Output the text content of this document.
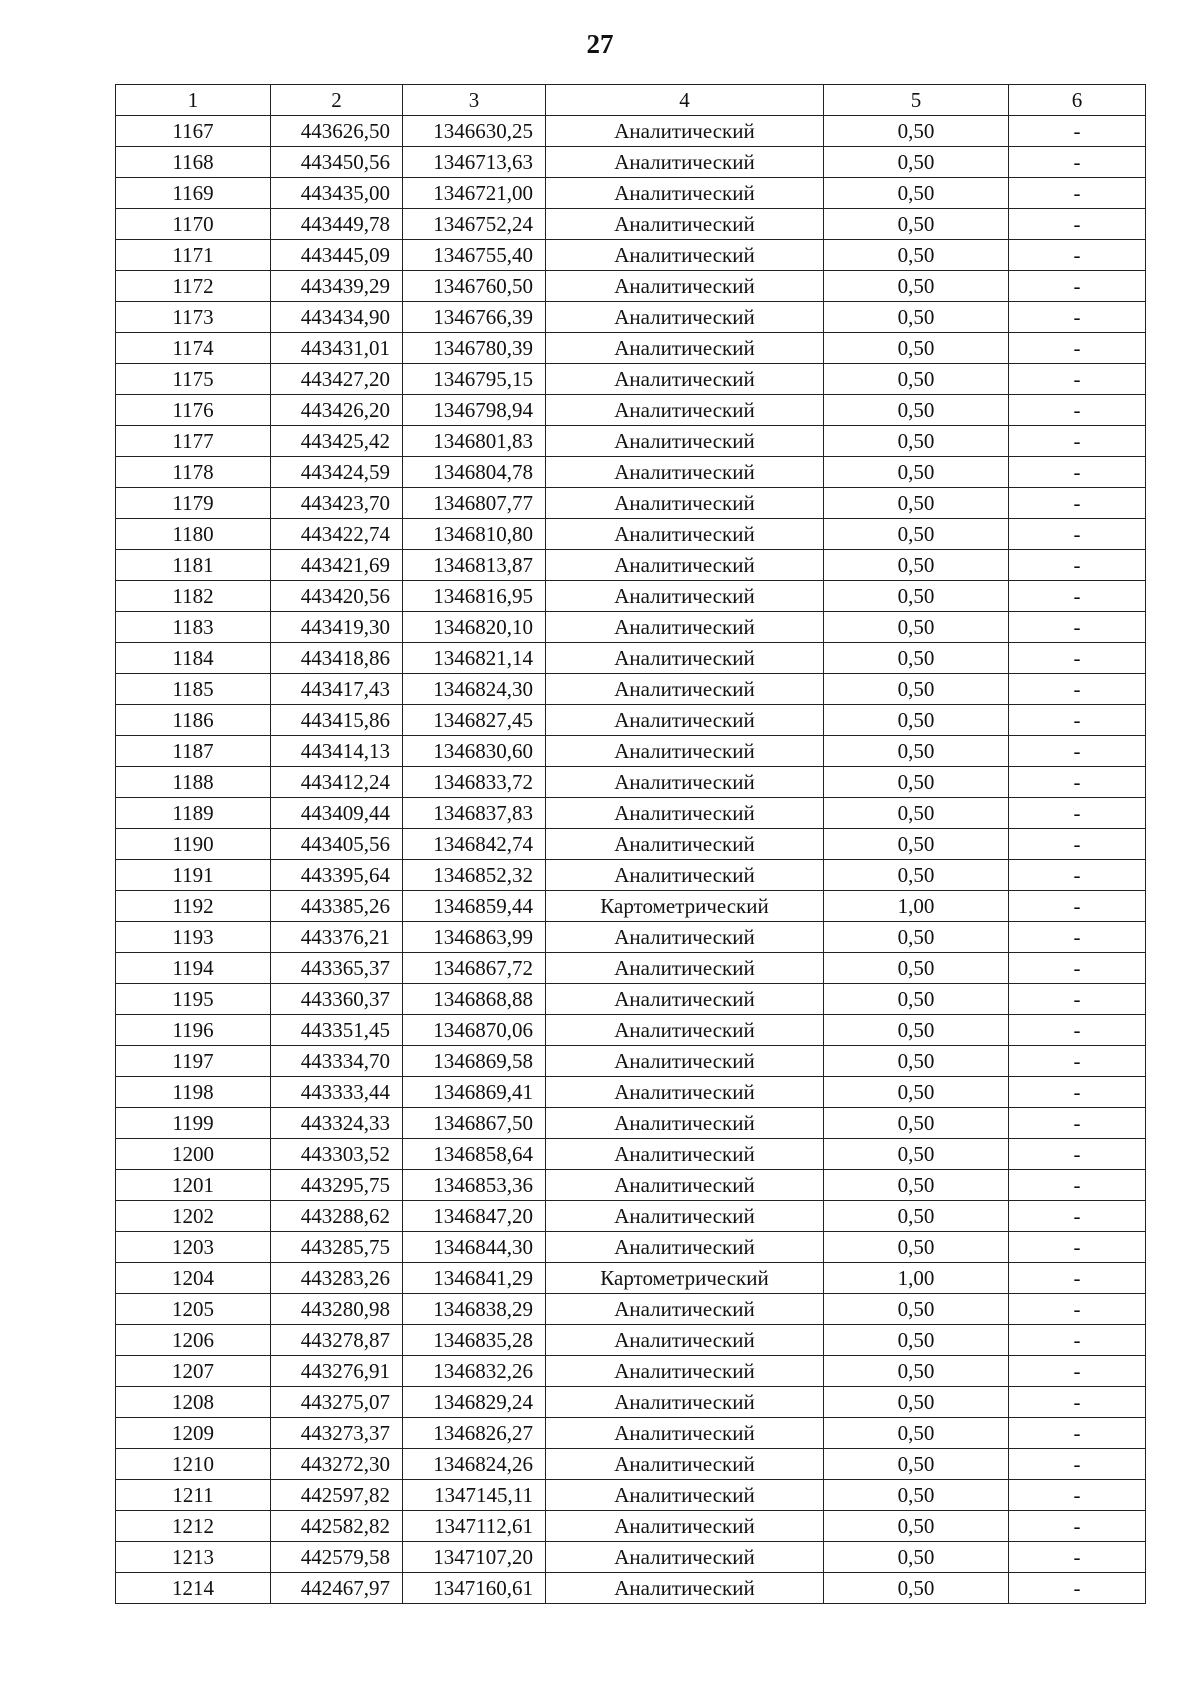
27
1	2	3	4	5	6
1167	443626,50	1346630,25	Аналитический	0,50	-
1168	443450,56	1346713,63	Аналитический	0,50	-
1169	443435,00	1346721,00	Аналитический	0,50	-
1170	443449,78	1346752,24	Аналитический	0,50	-
1171	443445,09	1346755,40	Аналитический	0,50	-
1172	443439,29	1346760,50	Аналитический	0,50	-
1173	443434,90	1346766,39	Аналитический	0,50	-
1174	443431,01	1346780,39	Аналитический	0,50	-
1175	443427,20	1346795,15	Аналитический	0,50	-
1176	443426,20	1346798,94	Аналитический	0,50	-
1177	443425,42	1346801,83	Аналитический	0,50	-
1178	443424,59	1346804,78	Аналитический	0,50	-
1179	443423,70	1346807,77	Аналитический	0,50	-
1180	443422,74	1346810,80	Аналитический	0,50	-
1181	443421,69	1346813,87	Аналитический	0,50	-
1182	443420,56	1346816,95	Аналитический	0,50	-
1183	443419,30	1346820,10	Аналитический	0,50	-
1184	443418,86	1346821,14	Аналитический	0,50	-
1185	443417,43	1346824,30	Аналитический	0,50	-
1186	443415,86	1346827,45	Аналитический	0,50	-
1187	443414,13	1346830,60	Аналитический	0,50	-
1188	443412,24	1346833,72	Аналитический	0,50	-
1189	443409,44	1346837,83	Аналитический	0,50	-
1190	443405,56	1346842,74	Аналитический	0,50	-
1191	443395,64	1346852,32	Аналитический	0,50	-
1192	443385,26	1346859,44	Картометрический	1,00	-
1193	443376,21	1346863,99	Аналитический	0,50	-
1194	443365,37	1346867,72	Аналитический	0,50	-
1195	443360,37	1346868,88	Аналитический	0,50	-
1196	443351,45	1346870,06	Аналитический	0,50	-
1197	443334,70	1346869,58	Аналитический	0,50	-
1198	443333,44	1346869,41	Аналитический	0,50	-
1199	443324,33	1346867,50	Аналитический	0,50	-
1200	443303,52	1346858,64	Аналитический	0,50	-
1201	443295,75	1346853,36	Аналитический	0,50	-
1202	443288,62	1346847,20	Аналитический	0,50	-
1203	443285,75	1346844,30	Аналитический	0,50	-
1204	443283,26	1346841,29	Картометрический	1,00	-
1205	443280,98	1346838,29	Аналитический	0,50	-
1206	443278,87	1346835,28	Аналитический	0,50	-
1207	443276,91	1346832,26	Аналитический	0,50	-
1208	443275,07	1346829,24	Аналитический	0,50	-
1209	443273,37	1346826,27	Аналитический	0,50	-
1210	443272,30	1346824,26	Аналитический	0,50	-
1211	442597,82	1347145,11	Аналитический	0,50	-
1212	442582,82	1347112,61	Аналитический	0,50	-
1213	442579,58	1347107,20	Аналитический	0,50	-
1214	442467,97	1347160,61	Аналитический	0,50	-
